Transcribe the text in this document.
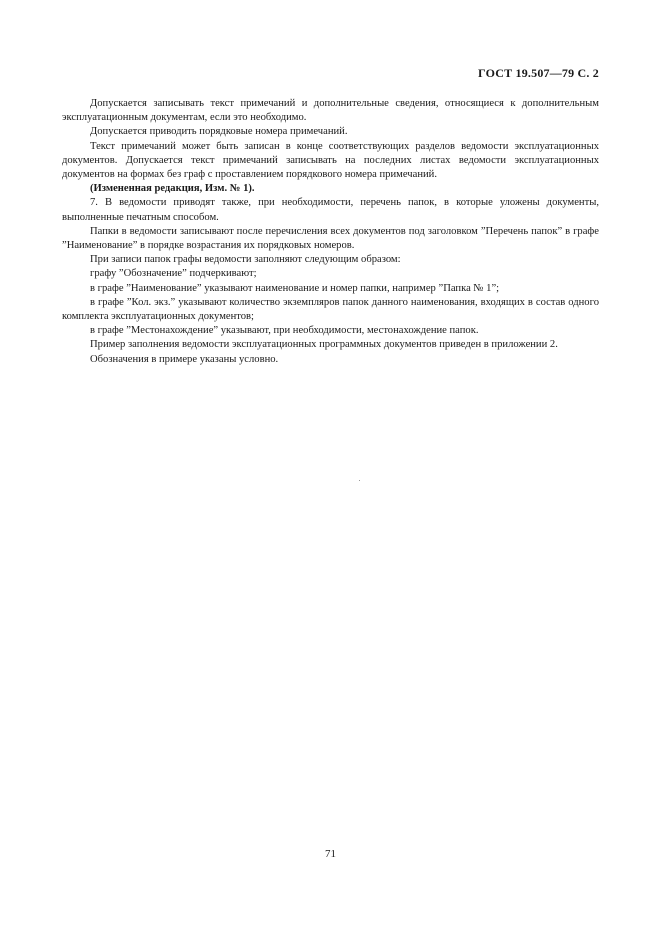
ГОСТ 19.507—79 С. 2

Допускается записывать текст примечаний и дополнительные сведения, относящиеся к дополнительным эксплуатационным документам, если это необходимо.

Допускается приводить порядковые номера примечаний.

Текст примечаний может быть записан в конце соответствующих разделов ведомости эксплуатационных документов. Допускается текст примечаний записывать на последних листах ведомости эксплуатационных документов на формах без граф с проставлением порядкового номера примечаний.

(Измененная редакция, Изм. № 1).

7. В ведомости приводят также, при необходимости, перечень папок, в которые уложены документы, выполненные печатным способом.

Папки в ведомости записывают после перечисления всех документов под заголовком ”Перечень папок” в графе ”Наименование” в порядке возрастания их порядковых номеров.

При записи папок графы ведомости заполняют следующим образом:

графу ”Обозначение” подчеркивают;

в графе ”Наименование” указывают наименование и номер папки, например ”Папка № 1”;

в графе ”Кол. экз.” указывают количество экземпляров папок данного наименования, входящих в состав одного комплекта эксплуатационных документов;

в графе ”Местонахождение” указывают, при необходимости, местонахождение папок.

Пример заполнения ведомости эксплуатационных программных документов приведен в приложении 2.

Обозначения в примере указаны условно.

71
